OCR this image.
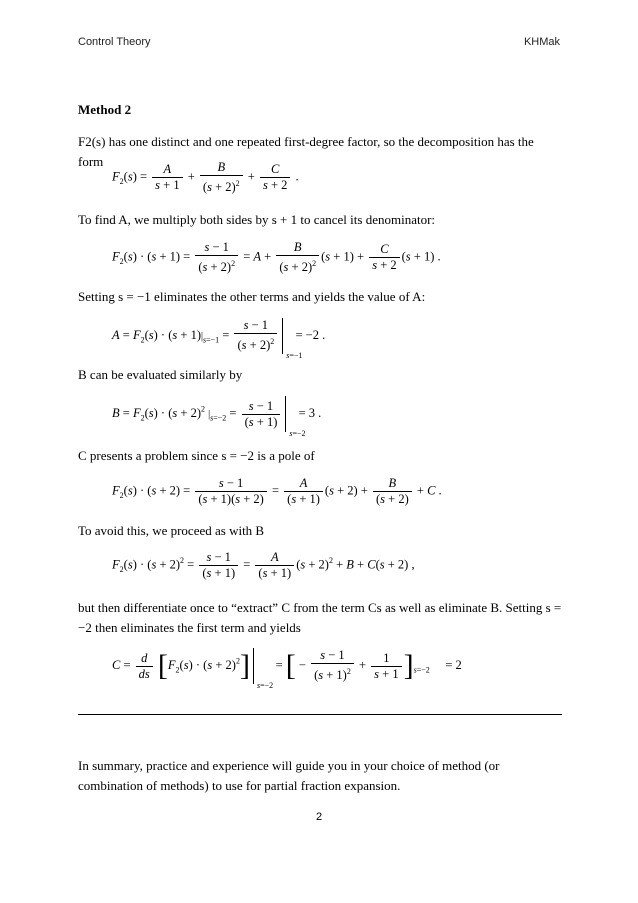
Control Theory	KHMak
Method 2
F2(s) has one distinct and one repeated first-degree factor, so the decomposition has the form
$F_2(s) = \frac{A}{s + 1} + \frac{B}{(s + 2)^2} + \frac{C}{s + 2}$ .
To find A, we multiply both sides by s + 1 to cancel its denominator:
$F_2(s) \cdot (s + 1) = \frac{s - 1}{(s + 2)^2} = A + \frac{B}{(s + 2)^2} (s + 1) + \frac{C}{s + 2} (s + 1)$ .
Setting s = −1 eliminates the other terms and yields the value of A:
$A = F_2(s) \cdot (s + 1)|_{s=-1} = \frac{s - 1}{(s + 2)^2}$
s=−1
= −2 .
B can be evaluated similarly by
$B = F_2(s) \cdot (s + 2)^2$ $|_{s=-2} = \frac{s - 1}{(s + 1)}$
s=−2
= 3 .
C presents a problem since s = −2 is a pole of
$F_2(s) \cdot (s + 2) = \frac{s - 1}{(s + 1)(s + 2)} = \frac{A}{(s + 1)} (s + 2) + \frac{B}{(s + 2)} + C$ .
To avoid this, we proceed as with B
$F_2(s) \cdot (s + 2)^2 = \frac{s - 1}{(s + 1)} = \frac{A}{(s + 1)} (s + 2)^2 + B + C(s + 2)$ ,
but then differentiate once to “extract” C from the term Cs as well as eliminate B. Setting s = −2 then eliminates the first term and yields
$C = \frac{d}{ds} [F_2(s) \cdot (s + 2)^2]$
s=−2
= [ − $\frac{s - 1}{(s + 1)^2} + \frac{1}{s + 1} ]_{s=-2}$     = 2
In summary, practice and experience will guide you in your choice of method (or combination of methods) to use for partial fraction expansion.
2
